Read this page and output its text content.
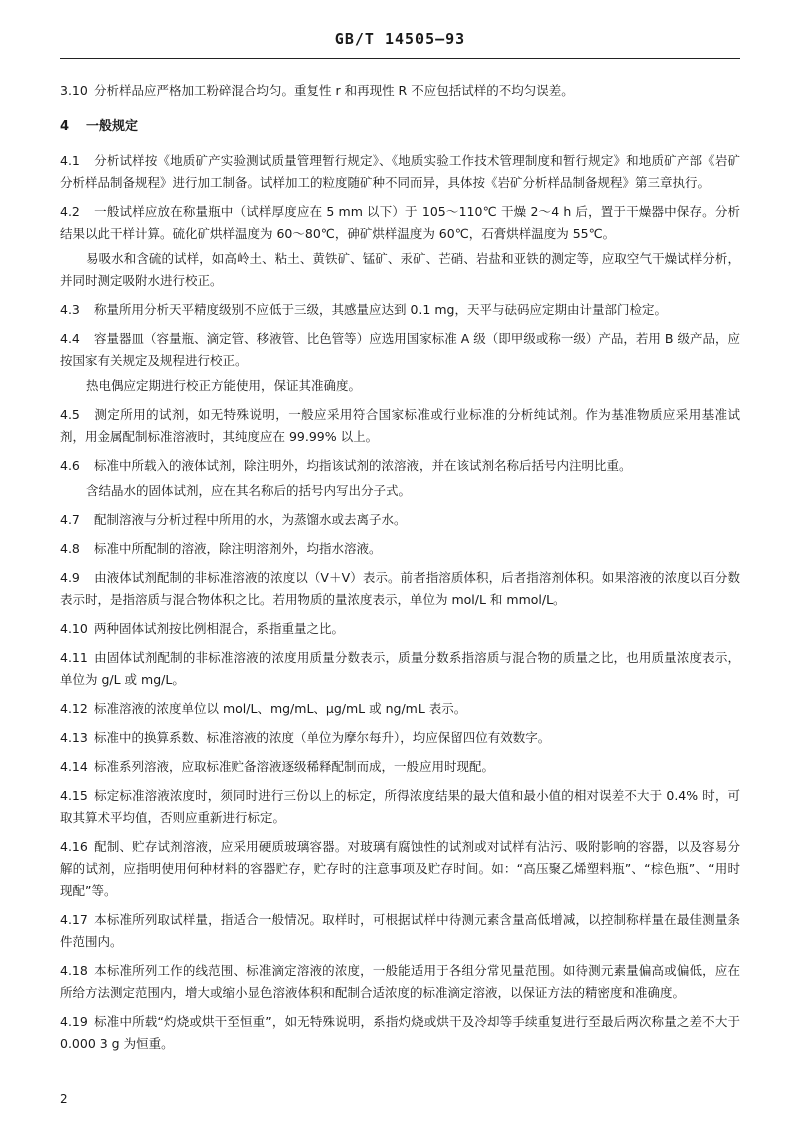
GB/T 14505—93

3.10 分析样品应严格加工粉碎混合均匀。重复性 r 和再现性 R 不应包括试样的不均匀误差。

4 一般规定

4.1 分析试样按《地质矿产实验测试质量管理暂行规定》、《地质实验工作技术管理制度和暂行规定》和地质矿产部《岩矿分析样品制备规程》进行加工制备。试样加工的粒度随矿种不同而异，具体按《岩矿分析样品制备规程》第三章执行。

4.2 一般试样应放在称量瓶中（试样厚度应在 5 mm 以下）于 105～110℃ 干燥 2～4 h 后，置于干燥器中保存。分析结果以此干样计算。硫化矿烘样温度为 60～80℃，砷矿烘样温度为 60℃，石膏烘样温度为 55℃。

易吸水和含硫的试样，如高岭土、粘土、黄铁矿、锰矿、汞矿、芒硝、岩盐和亚铁的测定等，应取空气干燥试样分析，并同时测定吸附水进行校正。

4.3 称量所用分析天平精度级别不应低于三级，其感量应达到 0.1 mg，天平与砝码应定期由计量部门检定。

4.4 容量器皿（容量瓶、滴定管、移液管、比色管等）应选用国家标准 A 级（即甲级或称一级）产品，若用 B 级产品，应按国家有关规定及规程进行校正。

热电偶应定期进行校正方能使用，保证其准确度。

4.5 测定所用的试剂，如无特殊说明，一般应采用符合国家标准或行业标准的分析纯试剂。作为基准物质应采用基准试剂，用金属配制标准溶液时，其纯度应在 99.99% 以上。

4.6 标准中所载入的液体试剂，除注明外，均指该试剂的浓溶液，并在该试剂名称后括号内注明比重。

含结晶水的固体试剂，应在其名称后的括号内写出分子式。

4.7 配制溶液与分析过程中所用的水，为蒸馏水或去离子水。

4.8 标准中所配制的溶液，除注明溶剂外，均指水溶液。

4.9 由液体试剂配制的非标准溶液的浓度以（V＋V）表示。前者指溶质体积，后者指溶剂体积。如果溶液的浓度以百分数表示时，是指溶质与混合物体积之比。若用物质的量浓度表示，单位为 mol/L 和 mmol/L。

4.10 两种固体试剂按比例相混合，系指重量之比。

4.11 由固体试剂配制的非标准溶液的浓度用质量分数表示，质量分数系指溶质与混合物的质量之比，也用质量浓度表示，单位为 g/L 或 mg/L。

4.12 标准溶液的浓度单位以 mol/L、mg/mL、μg/mL 或 ng/mL 表示。

4.13 标准中的换算系数、标准溶液的浓度（单位为摩尔每升），均应保留四位有效数字。

4.14 标准系列溶液，应取标准贮备溶液逐级稀释配制而成，一般应用时现配。

4.15 标定标准溶液浓度时，须同时进行三份以上的标定，所得浓度结果的最大值和最小值的相对误差不大于 0.4% 时，可取其算术平均值，否则应重新进行标定。

4.16 配制、贮存试剂溶液，应采用硬质玻璃容器。对玻璃有腐蚀性的试剂或对试样有沾污、吸附影响的容器，以及容易分解的试剂，应指明使用何种材料的容器贮存，贮存时的注意事项及贮存时间。如：“高压聚乙烯塑料瓶”、“棕色瓶”、“用时现配”等。

4.17 本标准所列取试样量，指适合一般情况。取样时，可根据试样中待测元素含量高低增减，以控制称样量在最佳测量条件范围内。

4.18 本标准所列工作的线范围、标准滴定溶液的浓度，一般能适用于各组分常见量范围。如待测元素量偏高或偏低，应在所给方法测定范围内，增大或缩小显色溶液体积和配制合适浓度的标准滴定溶液，以保证方法的精密度和准确度。

4.19 标准中所载“灼烧或烘干至恒重”，如无特殊说明，系指灼烧或烘干及冷却等手续重复进行至最后两次称量之差不大于 0.000 3 g 为恒重。

2
